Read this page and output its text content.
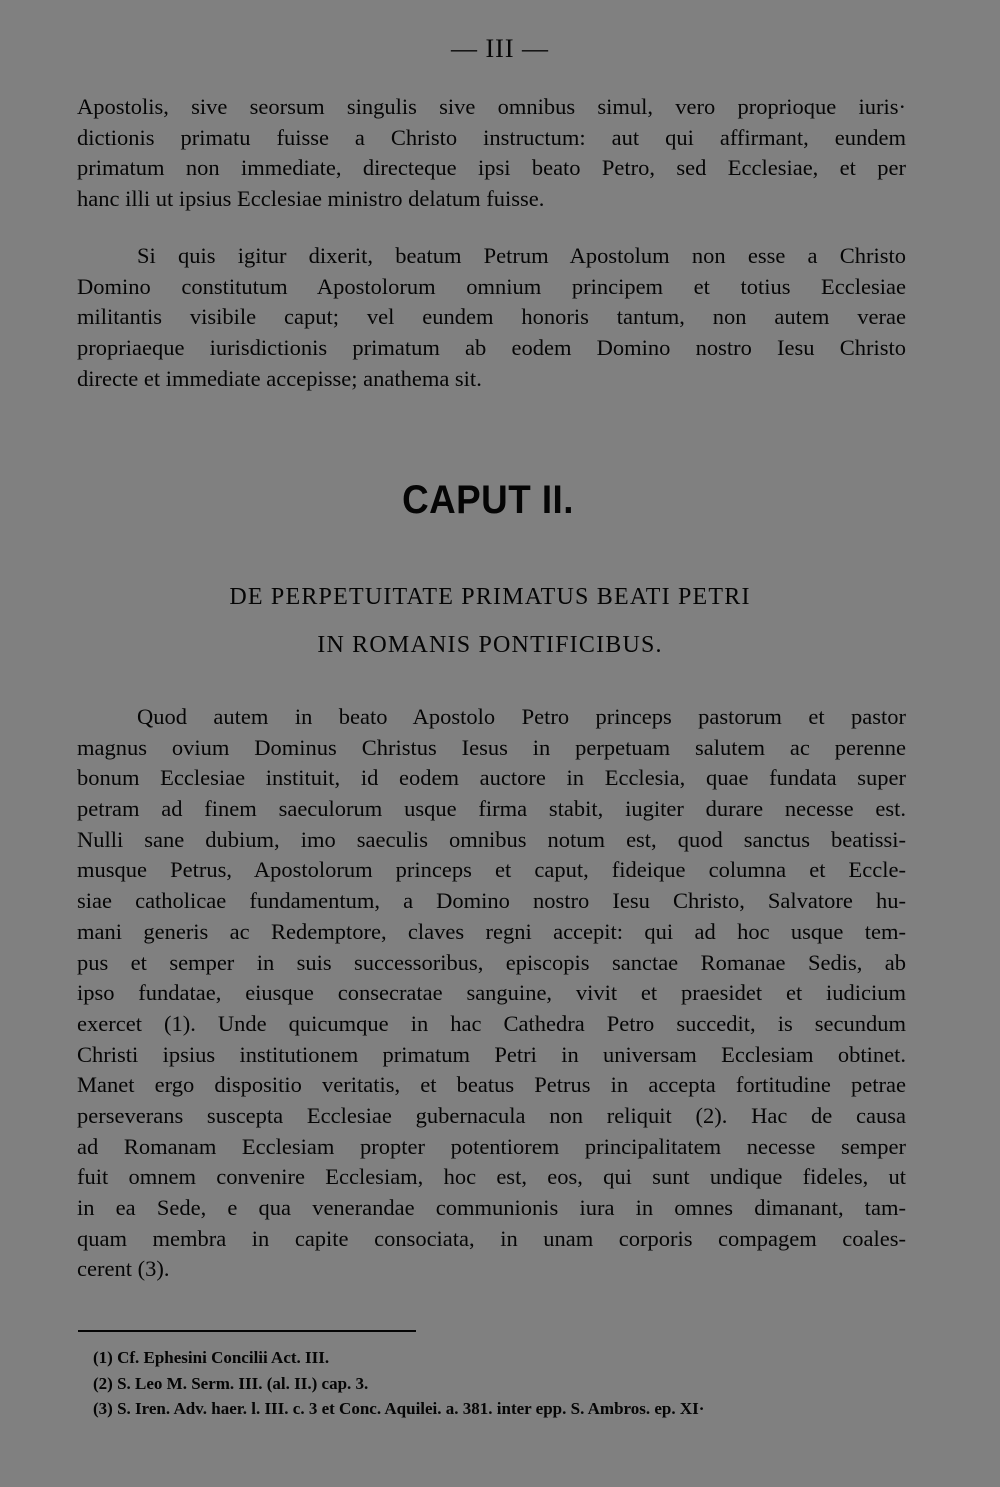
— III —
Apostolis, sive seorsum singulis sive omnibus simul, vero proprioque iuris·
dictionis primatu fuisse a Christo instructum: aut qui affirmant, eundem
primatum non immediate, directeque ipsi beato Petro, sed Ecclesiae, et per
hanc illi ut ipsius Ecclesiae ministro delatum fuisse.
Si quis igitur dixerit, beatum Petrum Apostolum non esse a Christo
Domino constitutum Apostolorum omnium principem et totius Ecclesiae
militantis visibile caput; vel eundem honoris tantum, non autem verae
propriaeque iurisdictionis primatum ab eodem Domino nostro Iesu Christo
directe et immediate accepisse; anathema sit.
CAPUT II.
DE PERPETUITATE PRIMATUS BEATI PETRI
IN ROMANIS PONTIFICIBUS.
Quod autem in beato Apostolo Petro princeps pastorum et pastor
magnus ovium Dominus Christus Iesus in perpetuam salutem ac perenne
bonum Ecclesiae instituit, id eodem auctore in Ecclesia, quae fundata super
petram ad finem saeculorum usque firma stabit, iugiter durare necesse est.
Nulli sane dubium, imo saeculis omnibus notum est, quod sanctus beatissi-
musque Petrus, Apostolorum princeps et caput, fideique columna et Eccle-
siae catholicae fundamentum, a Domino nostro Iesu Christo, Salvatore hu-
mani generis ac Redemptore, claves regni accepit: qui ad hoc usque tem-
pus et semper in suis successoribus, episcopis sanctae Romanae Sedis, ab
ipso fundatae, eiusque consecratae sanguine, vivit et praesidet et iudicium
exercet (1). Unde quicumque in hac Cathedra Petro succedit, is secundum
Christi ipsius institutionem primatum Petri in universam Ecclesiam obtinet.
Manet ergo dispositio veritatis, et beatus Petrus in accepta fortitudine petrae
perseverans suscepta Ecclesiae gubernacula non reliquit (2). Hac de causa
ad Romanam Ecclesiam propter potentiorem principalitatem necesse semper
fuit omnem convenire Ecclesiam, hoc est, eos, qui sunt undique fideles, ut
in ea Sede, e qua venerandae communionis iura in omnes dimanant, tam-
quam membra in capite consociata, in unam corporis compagem coales-
cerent (3).
(1) Cf. Ephesini Concilii Act. III.
(2) S. Leo M. Serm. III. (al. II.) cap. 3.
(3) S. Iren. Adv. haer. l. III. c. 3 et Conc. Aquilei. a. 381. inter epp. S. Ambros. ep. XI·
